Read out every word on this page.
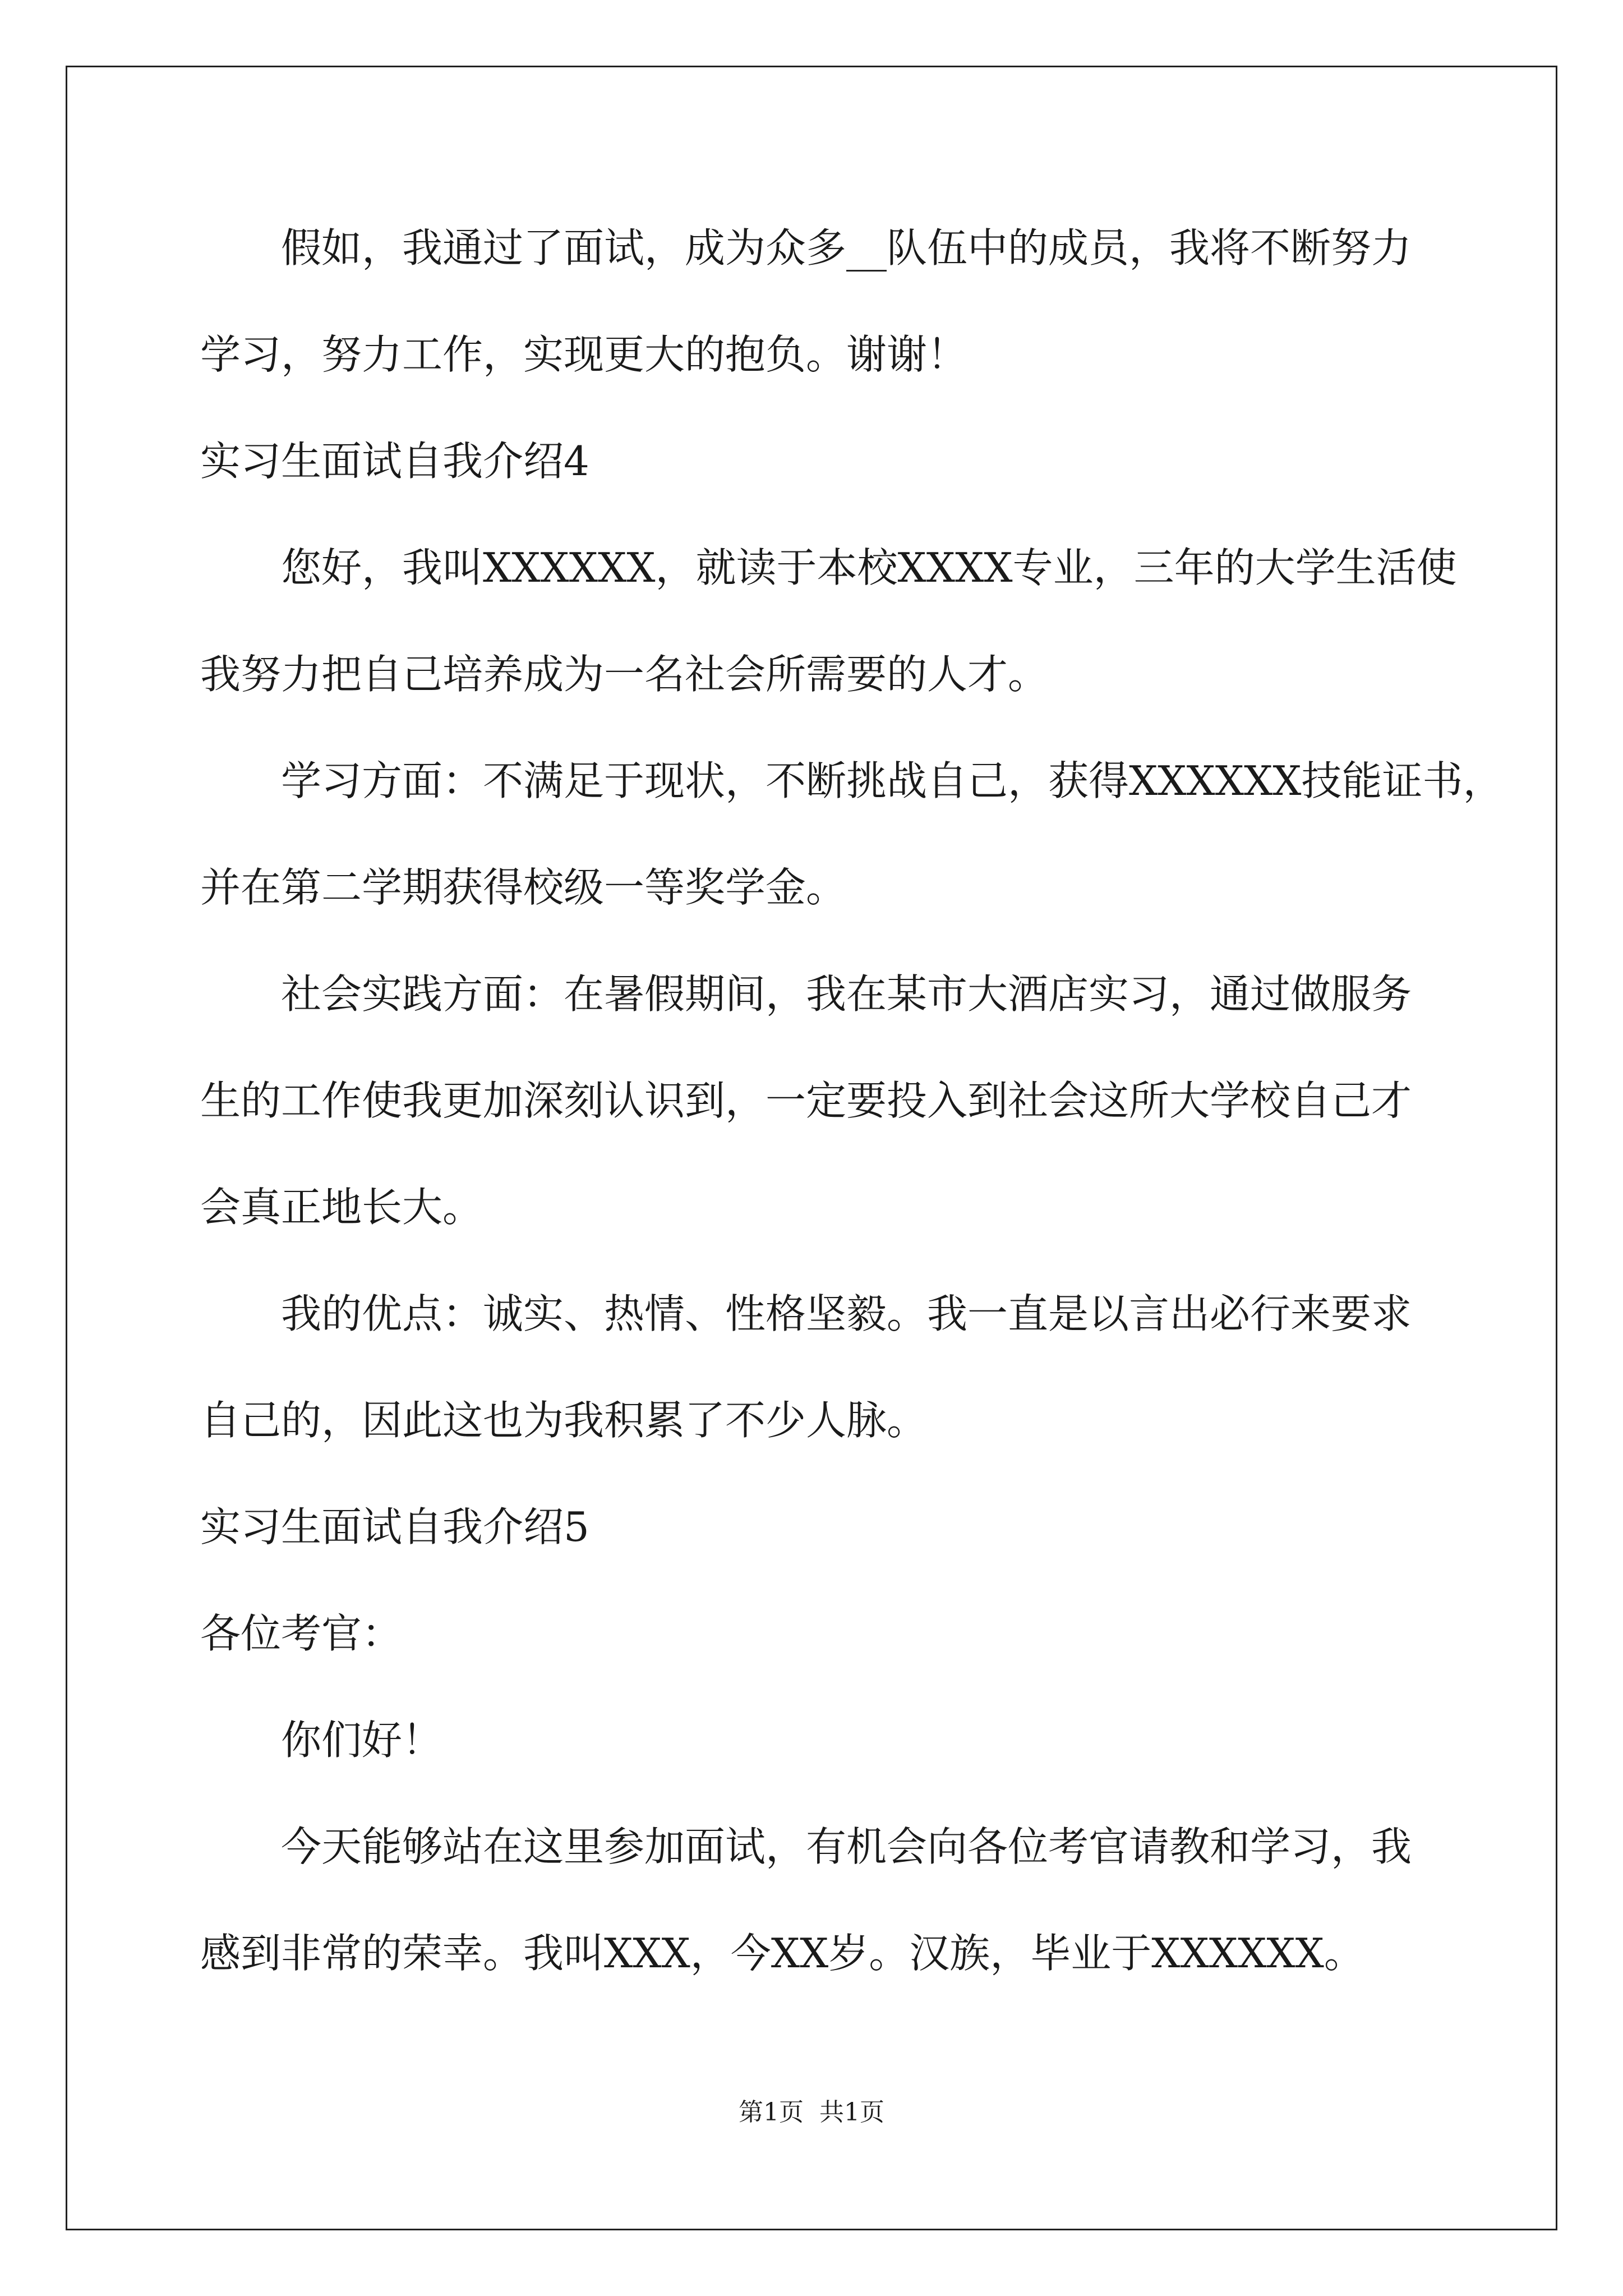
假如，我通过了面试，成为众多__队伍中的成员，我将不断努力

学习，努力工作，实现更大的抱负。谢谢！

实习生面试自我介绍4

您好，我叫XXXXXX，就读于本校XXXX专业，三年的大学生活使

我努力把自己培养成为一名社会所需要的人才。

学习方面：不满足于现状，不断挑战自己，获得XXXXXX技能证书，

并在第二学期获得校级一等奖学金。

社会实践方面：在暑假期间，我在某市大酒店实习，通过做服务

生的工作使我更加深刻认识到，一定要投入到社会这所大学校自己才

会真正地长大。

我的优点：诚实、热情、性格坚毅。我一直是以言出必行来要求

自己的，因此这也为我积累了不少人脉。

实习生面试自我介绍5

各位考官：

你们好！

今天能够站在这里参加面试，有机会向各位考官请教和学习，我

感到非常的荣幸。我叫XXX，今XX岁。汉族，毕业于XXXXXX。

第1页  共1页
